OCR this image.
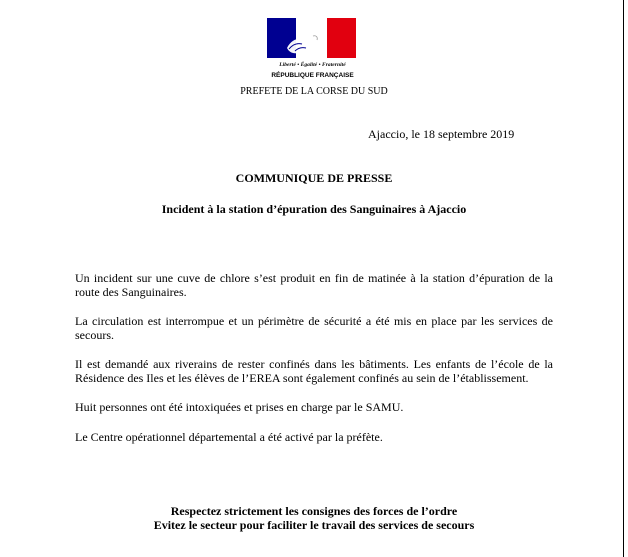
Liberté • Égalité • Fraternité
RÉPUBLIQUE FRANÇAISE
PREFETE DE LA CORSE DU SUD
Ajaccio, le 18 septembre 2019
COMMUNIQUE DE PRESSE
Incident à la station d’épuration des Sanguinaires à Ajaccio

Un incident sur une cuve de chlore s’est produit en fin de matinée à la station d’épuration de la route des Sanguinaires.

La circulation est interrompue et un périmètre de sécurité a été mis en place par les services de secours.

Il est demandé aux riverains de rester confinés dans les bâtiments. Les enfants de l’école de la Résidence des Iles et les élèves de l’EREA sont également confinés au sein de l’établissement.

Huit personnes ont été intoxiquées et prises en charge par le SAMU.

Le Centre opérationnel départemental a été activé par la préfète.

Respectez strictement les consignes des forces de l’ordre
Evitez le secteur pour faciliter le travail des services de secours
